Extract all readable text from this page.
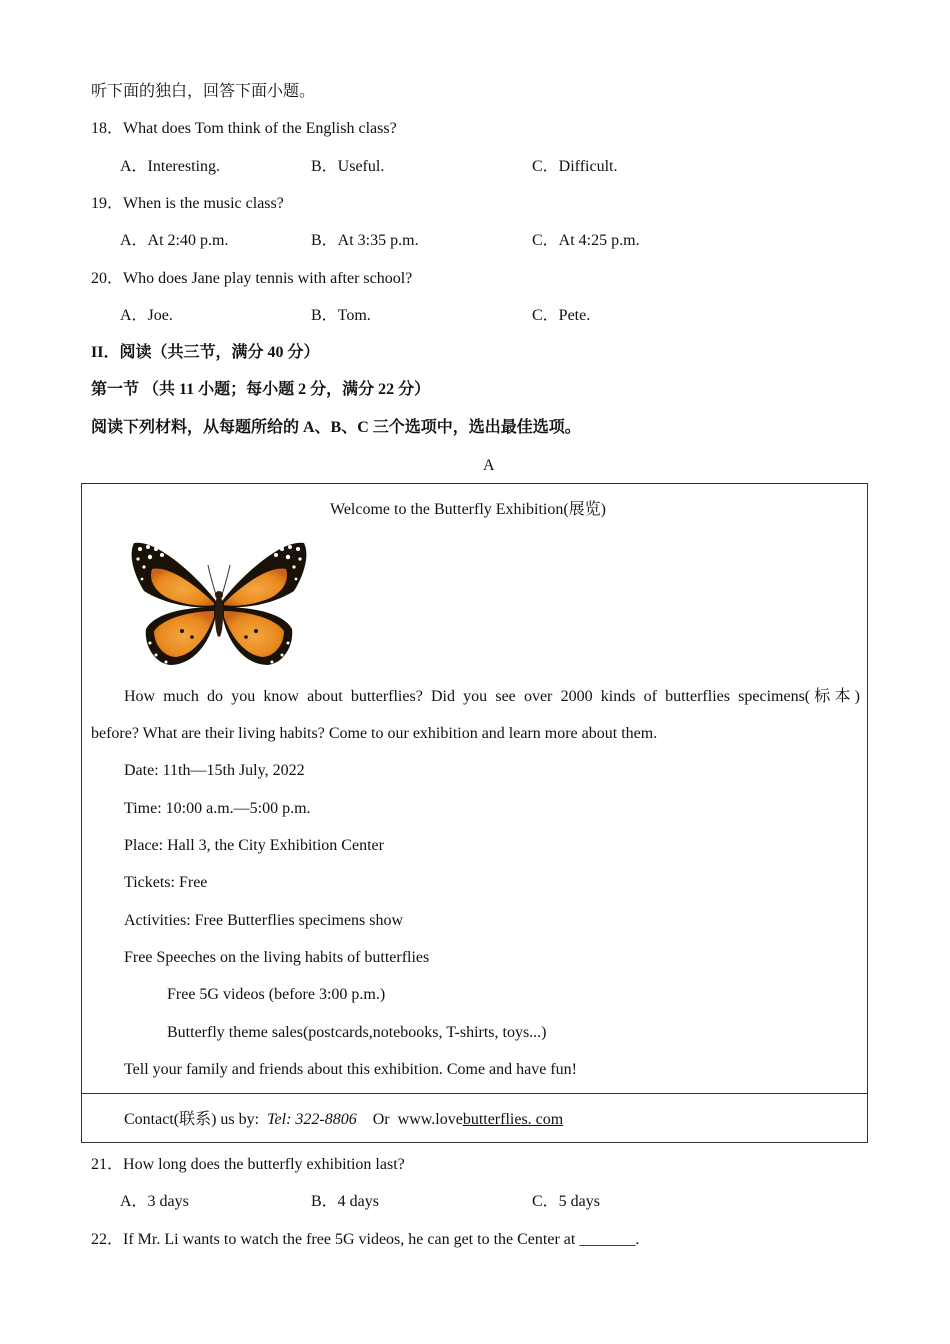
听下面的独白，回答下面小题。
18．What does Tom think of the English class?
A．Interesting.	B．Useful.	C．Difficult.
19．When is the music class?
A．At 2:40 p.m.	B．At 3:35 p.m.	C．At 4:25 p.m.
20．Who does Jane play tennis with after school?
A．Joe.	B．Tom.	C．Pete.
II．阅读（共三节，满分 40 分）
第一节 （共 11 小题；每小题 2 分，满分 22 分）
阅读下列材料，从每题所给的 A、B、C 三个选项中，选出最佳选项。
A
Welcome to the Butterfly Exhibition(展览)
How much do you know about butterflies? Did you see over 2000 kinds of butterflies specimens(标本)
before? What are their living habits? Come to our exhibition and learn more about them.
Date: 11th—15th July, 2022
Time: 10:00 a.m.—5:00 p.m.
Place: Hall 3, the City Exhibition Center
Tickets: Free
Activities: Free Butterflies specimens show
Free Speeches on the living habits of butterflies
Free 5G videos (before 3:00 p.m.)
Butterfly theme sales(postcards,notebooks, T-shirts, toys...)
Tell your family and friends about this exhibition. Come and have fun!
Contact(联系) us by: Tel: 322-8806 Or www.lovebutterflies. com
21．How long does the butterfly exhibition last?
A．3 days	B．4 days	C．5 days
22．If Mr. Li wants to watch the free 5G videos, he can get to the Center at _______.
